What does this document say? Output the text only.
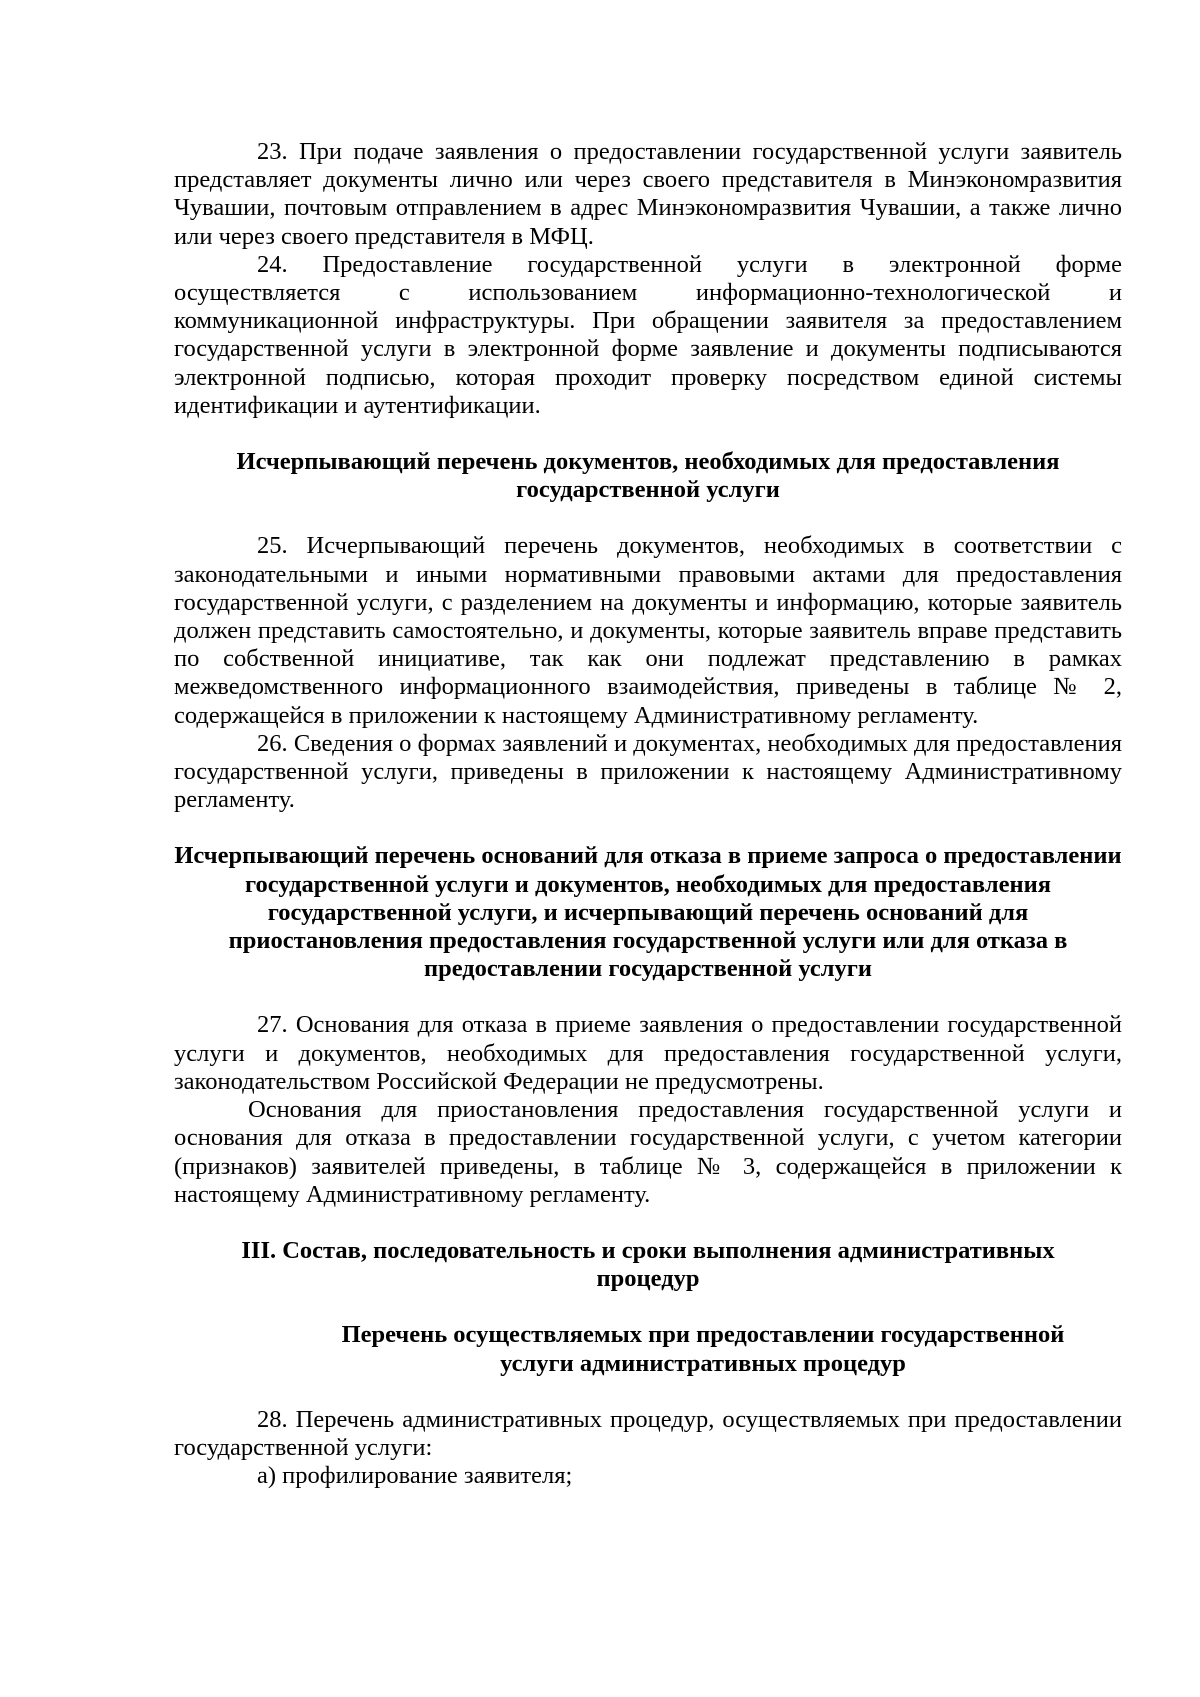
23. При подаче заявления о предоставлении государственной услуги заявитель представляет документы лично или через своего представителя в Минэкономразвития Чувашии, почтовым отправлением в адрес Минэкономразвития Чувашии, а также лично или через своего представителя в МФЦ.

24. Предоставление государственной услуги в электронной форме осуществляется с использованием информационно-технологической и коммуникационной инфраструктуры. При обращении заявителя за предоставлением государственной услуги в электронной форме заявление и документы подписываются электронной подписью, которая проходит проверку посредством единой системы идентификации и аутентификации.

Исчерпывающий перечень документов, необходимых для предоставления государственной услуги

25. Исчерпывающий перечень документов, необходимых в соответствии с законодательными и иными нормативными правовыми актами для предоставления государственной услуги, с разделением на документы и информацию, которые заявитель должен представить самостоятельно, и документы, которые заявитель вправе представить по собственной инициативе, так как они подлежат представлению в рамках межведомственного информационного взаимодействия, приведены в таблице № 2, содержащейся в приложении к настоящему Административному регламенту.

26. Сведения о формах заявлений и документах, необходимых для предоставления государственной услуги, приведены в приложении к настоящему Административному регламенту.

Исчерпывающий перечень оснований для отказа в приеме запроса о предоставлении государственной услуги и документов, необходимых для предоставления государственной услуги, и исчерпывающий перечень оснований для приостановления предоставления государственной услуги или для отказа в предоставлении государственной услуги

27. Основания для отказа в приеме заявления о предоставлении государственной услуги и документов, необходимых для предоставления государственной услуги, законодательством Российской Федерации не предусмотрены.

Основания для приостановления предоставления государственной услуги и основания для отказа в предоставлении государственной услуги, с учетом категории (признаков) заявителей приведены, в таблице № 3, содержащейся в приложении к настоящему Административному регламенту.

III. Состав, последовательность и сроки выполнения административных процедур

Перечень осуществляемых при предоставлении государственной услуги административных процедур

28. Перечень административных процедур, осуществляемых при предоставлении государственной услуги:

а) профилирование заявителя;
